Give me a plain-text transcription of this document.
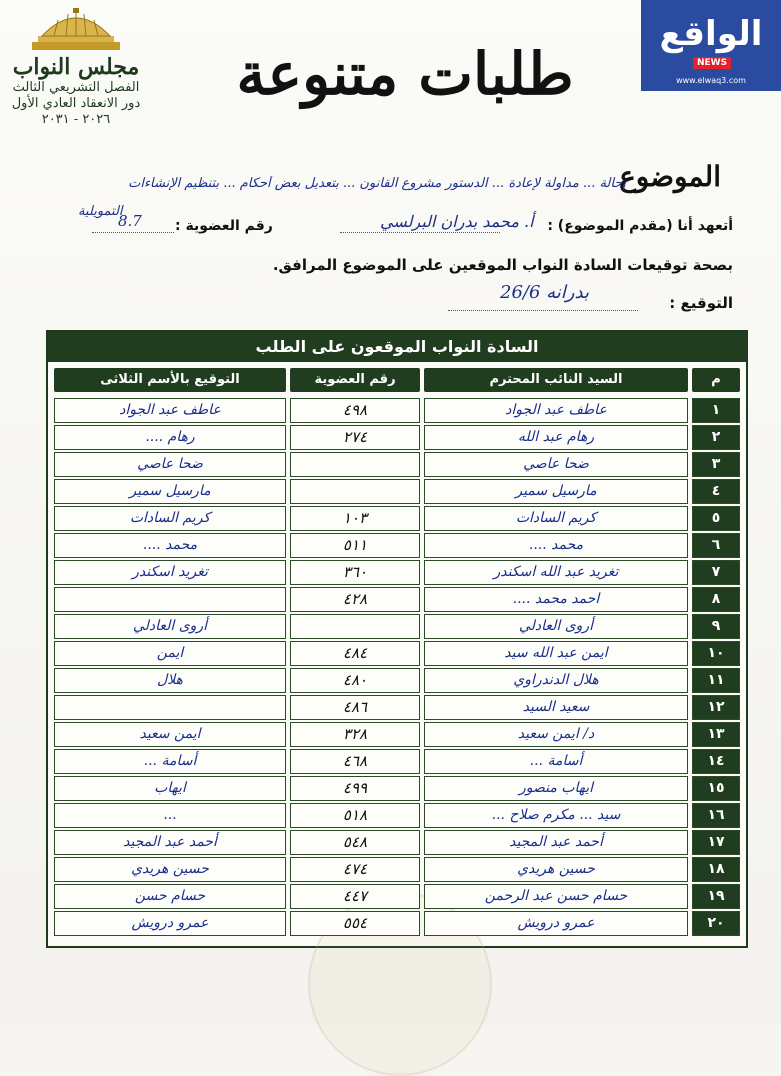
مجلس النواب
الفصل التشريعي الثالث
دور الانعقاد العادي الأول
٢٠٢٦ - ٢٠٣١
طلبات متنوعة
الواقع
NEWS
www.elwaq3.com
الموضوع
إحالة ... مداولة لإعادة ... الدستور مشروع القانون ... بتعديل بعض أحكام ... بتنظيم الإنشاءات
التمويلية
أتعهد أنا (مقدم الموضوع) :
أ. محمد بدران البرلسي
رقم العضوية :
8.7
بصحة توقيعات السادة النواب الموقعين على الموضوع المرافق.
التوقيع :
بدرانه 26/6
السادة النواب الموقعون على الطلب
م
السيد النائب المحترم
رقم العضوية
التوقيع بالأسم الثلاثى
١
عاطف عبد الجواد
٤٩٨
عاطف عبد الجواد
٢
رهام عبد الله
٢٧٤
رهام ....
٣
ضحا عاصي
ضحا عاصي
٤
مارسيل سمير
مارسيل سمير
٥
كريم السادات
١٠٣
كريم السادات
٦
محمد ....
٥١١
محمد ....
٧
تغريد عبد الله اسكندر
٣٦٠
تغريد اسكندر
٨
احمد محمد ....
٤٢٨
٩
أروى العادلي
أروى العادلي
١٠
ايمن عبد الله سيد
٤٨٤
ايمن
١١
هلال الدندراوي
٤٨٠
هلال
١٢
سعيد السيد
٤٨٦
١٣
د/ ايمن سعيد
٣٢٨
ايمن سعيد
١٤
أسامة ...
٤٦٨
أسامة ...
١٥
ايهاب منصور
٤٩٩
ايهاب
١٦
سيد ... مكرم صلاح ...
٥١٨
...
١٧
أحمد عبد المجيد
٥٤٨
أحمد عبد المجيد
١٨
حسين هريدي
٤٧٤
حسين هريدي
١٩
حسام حسن عبد الرحمن
٤٤٧
حسام حسن
٢٠
عمرو درويش
٥٥٤
عمرو درويش
